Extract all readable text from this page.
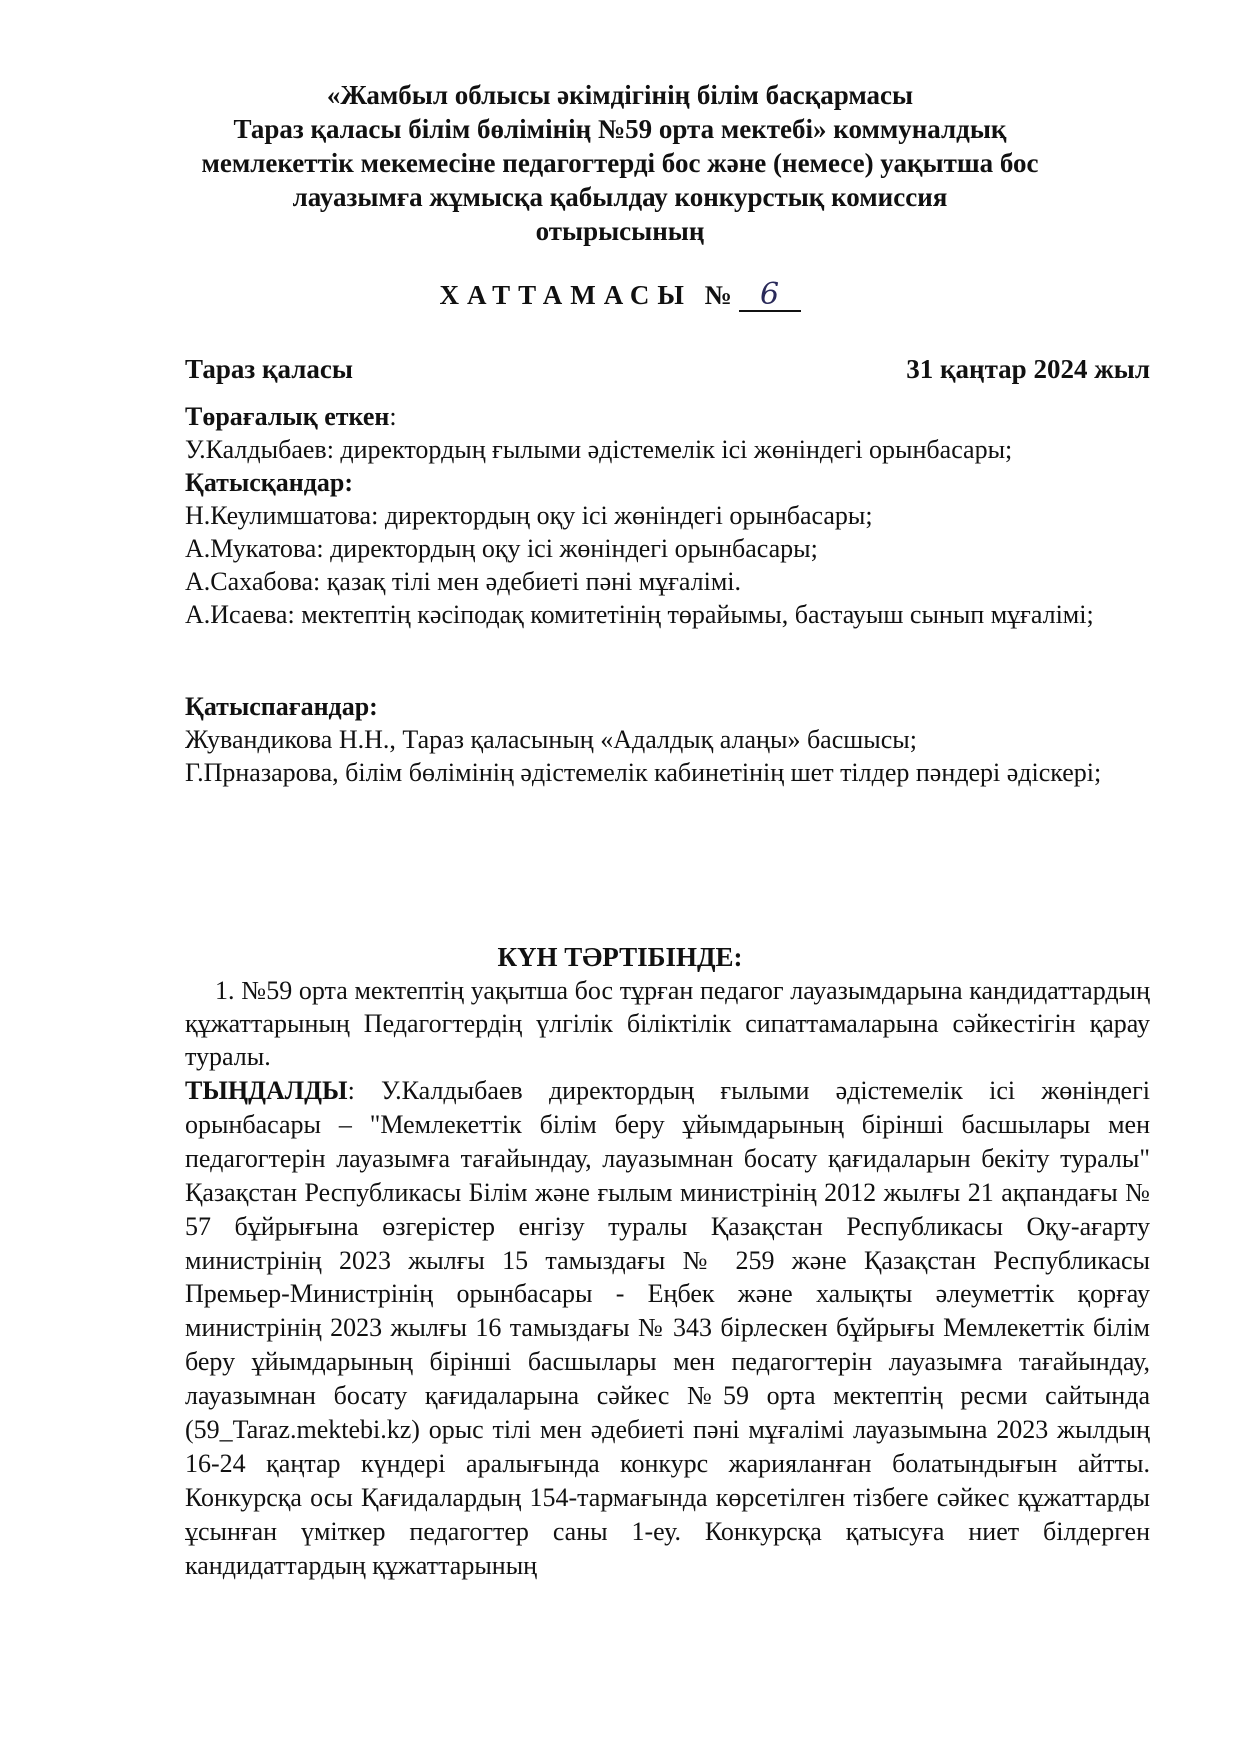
«Жамбыл облысы әкімдігінің білім басқармасы
Тараз қаласы білім бөлімінің №59 орта мектебі» коммуналдық
мемлекеттік мекемесіне педагогтерді бос және (немесе) уақытша бос
лауазымға жұмысқа қабылдау конкурстық комиссия
отырысының
ХАТТАМАСЫ № 6
Тараз қаласы	31 қаңтар 2024 жыл

Төрағалық еткен:

У.Калдыбаев: директордың ғылыми әдістемелік ісі жөніндегі орынбасары;

Қатысқандар:

Н.Кеулимшатова: директордың оқу ісі жөніндегі орынбасары;

А.Мукатова: директордың оқу ісі жөніндегі орынбасары;

А.Сахабова: қазақ тілі мен әдебиеті пәні мұғалімі.

А.Исаева: мектептің кәсіподақ комитетінің төрайымы, бастауыш сынып мұғалімі;

Қатыспағандар:

Жувандикова Н.Н., Тараз қаласының «Адалдық алаңы» басшысы;

Г.Прназарова, білім бөлімінің әдістемелік кабинетінің шет тілдер пәндері әдіскері;

КҮН ТӘРТІБІНДЕ:
1. №59 орта мектептің уақытша бос тұрған педагог лауазымдарына кандидаттардың құжаттарының Педагогтердің үлгілік біліктілік сипаттамаларына сәйкестігін қарау туралы.
ТЫҢДАЛДЫ: У.Калдыбаев директордың ғылыми әдістемелік ісі жөніндегі орынбасары – "Мемлекеттік білім беру ұйымдарының бірінші басшылары мен педагогтерін лауазымға тағайындау, лауазымнан босату қағидаларын бекіту туралы" Қазақстан Республикасы Білім және ғылым министрінің 2012 жылғы 21 ақпандағы № 57 бұйрығына өзгерістер енгізу туралы Қазақстан Республикасы Оқу-ағарту министрінің 2023 жылғы 15 тамыздағы № 259 және Қазақстан Республикасы Премьер-Министрінің орынбасары - Еңбек және халықты әлеуметтік қорғау министрінің 2023 жылғы 16 тамыздағы № 343 бірлескен бұйрығы Мемлекеттік білім беру ұйымдарының бірінші басшылары мен педагогтерін лауазымға тағайындау, лауазымнан босату қағидаларына сәйкес №59 орта мектептің ресми сайтында (59_Taraz.mektebi.kz) орыс тілі мен әдебиеті пәні мұғалімі лауазымына 2023 жылдың 16-24 қаңтар күндері аралығында конкурс жарияланған болатындығын айтты. Конкурсқа осы Қағидалардың 154-тармағында көрсетілген тізбеге сәйкес құжаттарды ұсынған үміткер педагогтер саны 1-еу. Конкурсқа қатысуға ниет білдерген кандидаттардың құжаттарының
